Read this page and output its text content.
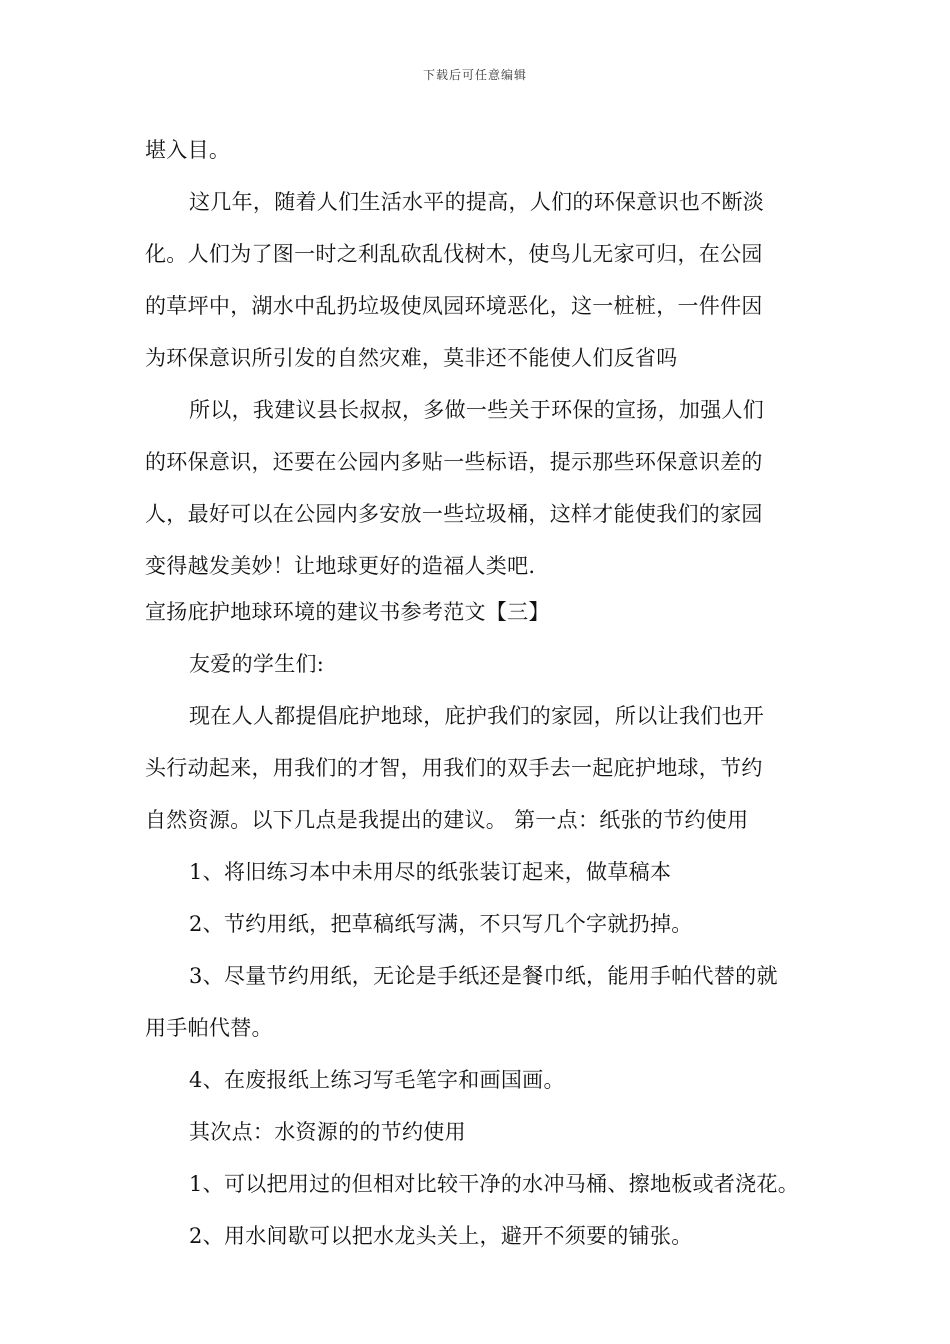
下载后可任意编辑
堪入目。
这几年，随着人们生活水平的提高，人们的环保意识也不断淡
化。人们为了图一时之利乱砍乱伐树木，使鸟儿无家可归，在公园
的草坪中，湖水中乱扔垃圾使凤园环境恶化，这一桩桩，一件件因
为环保意识所引发的自然灾难，莫非还不能使人们反省吗
所以，我建议县长叔叔，多做一些关于环保的宣扬，加强人们
的环保意识，还要在公园内多贴一些标语，提示那些环保意识差的
人，最好可以在公园内多安放一些垃圾桶，这样才能使我们的家园
变得越发美妙！让地球更好的造福人类吧.
宣扬庇护地球环境的建议书参考范文【三】
友爱的学生们:
现在人人都提倡庇护地球，庇护我们的家园，所以让我们也开
头行动起来，用我们的才智，用我们的双手去一起庇护地球，节约
自然资源。以下几点是我提出的建议。 第一点：纸张的节约使用
1、将旧练习本中未用尽的纸张装订起来，做草稿本
2、节约用纸，把草稿纸写满，不只写几个字就扔掉。
3、尽量节约用纸，无论是手纸还是餐巾纸，能用手帕代替的就
用手帕代替。
4、在废报纸上练习写毛笔字和画国画。
其次点：水资源的的节约使用
1、可以把用过的但相对比较干净的水冲马桶、擦地板或者浇花。
2、用水间歇可以把水龙头关上，避开不须要的铺张。
